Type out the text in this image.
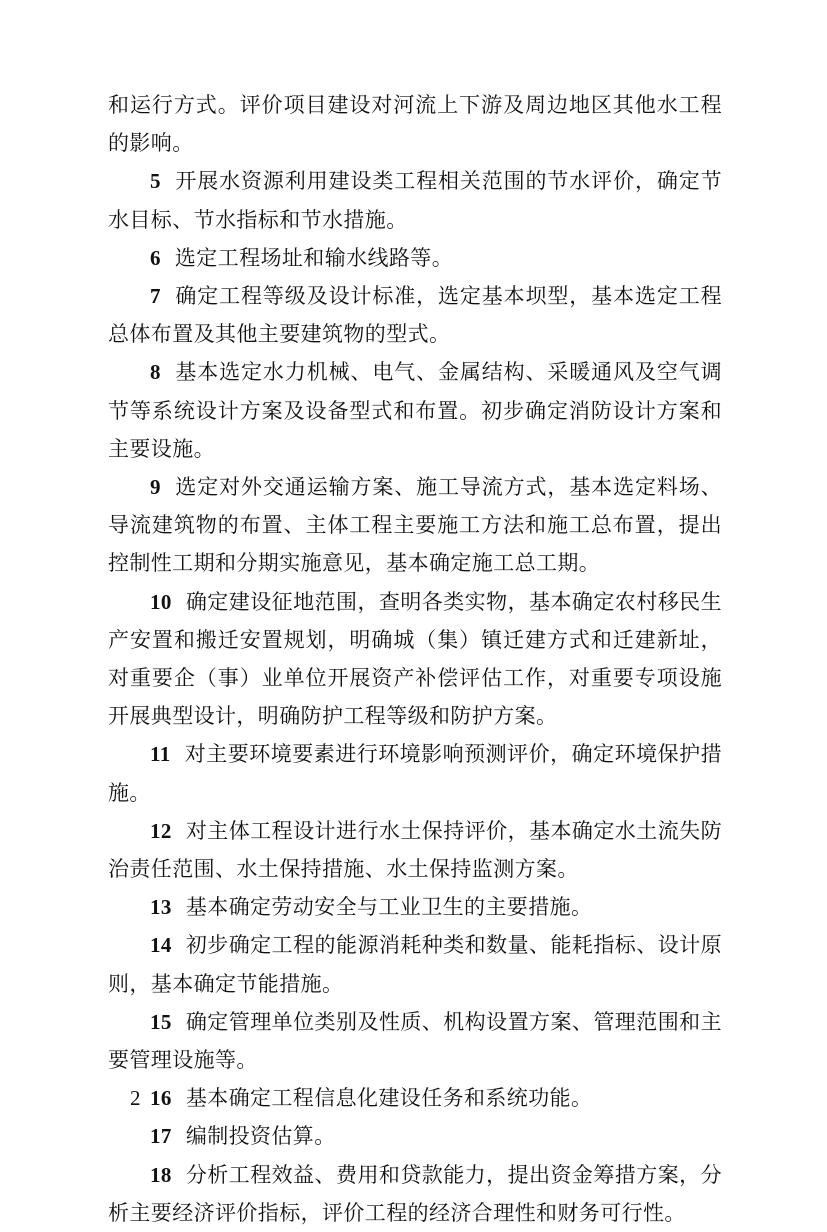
和运行方式。评价项目建设对河流上下游及周边地区其他水工程的影响。

5 开展水资源利用建设类工程相关范围的节水评价，确定节水目标、节水指标和节水措施。

6 选定工程场址和输水线路等。

7 确定工程等级及设计标准，选定基本坝型，基本选定工程总体布置及其他主要建筑物的型式。

8 基本选定水力机械、电气、金属结构、采暖通风及空气调节等系统设计方案及设备型式和布置。初步确定消防设计方案和主要设施。

9 选定对外交通运输方案、施工导流方式，基本选定料场、导流建筑物的布置、主体工程主要施工方法和施工总布置，提出控制性工期和分期实施意见，基本确定施工总工期。

10 确定建设征地范围，查明各类实物，基本确定农村移民生产安置和搬迁安置规划，明确城（集）镇迁建方式和迁建新址，对重要企（事）业单位开展资产补偿评估工作，对重要专项设施开展典型设计，明确防护工程等级和防护方案。

11 对主要环境要素进行环境影响预测评价，确定环境保护措施。

12 对主体工程设计进行水土保持评价，基本确定水土流失防治责任范围、水土保持措施、水土保持监测方案。

13 基本确定劳动安全与工业卫生的主要措施。

14 初步确定工程的能源消耗种类和数量、能耗指标、设计原则，基本确定节能措施。

15 确定管理单位类别及性质、机构设置方案、管理范围和主要管理设施等。

16 基本确定工程信息化建设任务和系统功能。

17 编制投资估算。

18 分析工程效益、费用和贷款能力，提出资金筹措方案，分析主要经济评价指标，评价工程的经济合理性和财务可行性。

2
